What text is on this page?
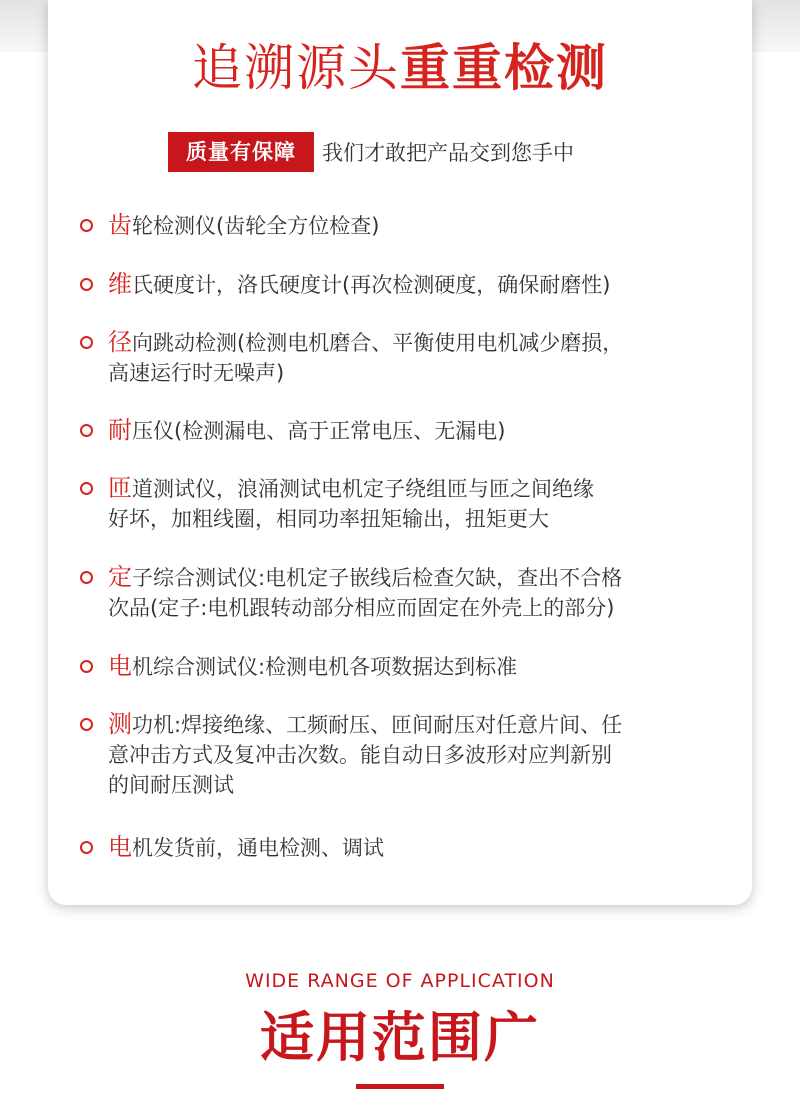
追溯源头重重检测
质量有保障	我们才敢把产品交到您手中
齿轮检测仪(齿轮全方位检查)
维氏硬度计，洛氏硬度计(再次检测硬度，确保耐磨性)
径向跳动检测(检测电机磨合、平衡使用电机减少磨损，
高速运行时无噪声)
耐压仪(检测漏电、高于正常电压、无漏电)
匝道测试仪，浪涌测试电机定子绕组匝与匝之间绝缘
好坏，加粗线圈，相同功率扭矩输出，扭矩更大
定子综合测试仪:电机定子嵌线后检查欠缺，查出不合格
次品(定子:电机跟转动部分相应而固定在外壳上的部分)
电机综合测试仪:检测电机各项数据达到标准
测功机:焊接绝缘、工频耐压、匝间耐压对任意片间、任
意冲击方式及复冲击次数。能自动日多波形对应判新别
的间耐压测试
电机发货前，通电检测、调试
WIDE RANGE OF APPLICATION
适用范围广
